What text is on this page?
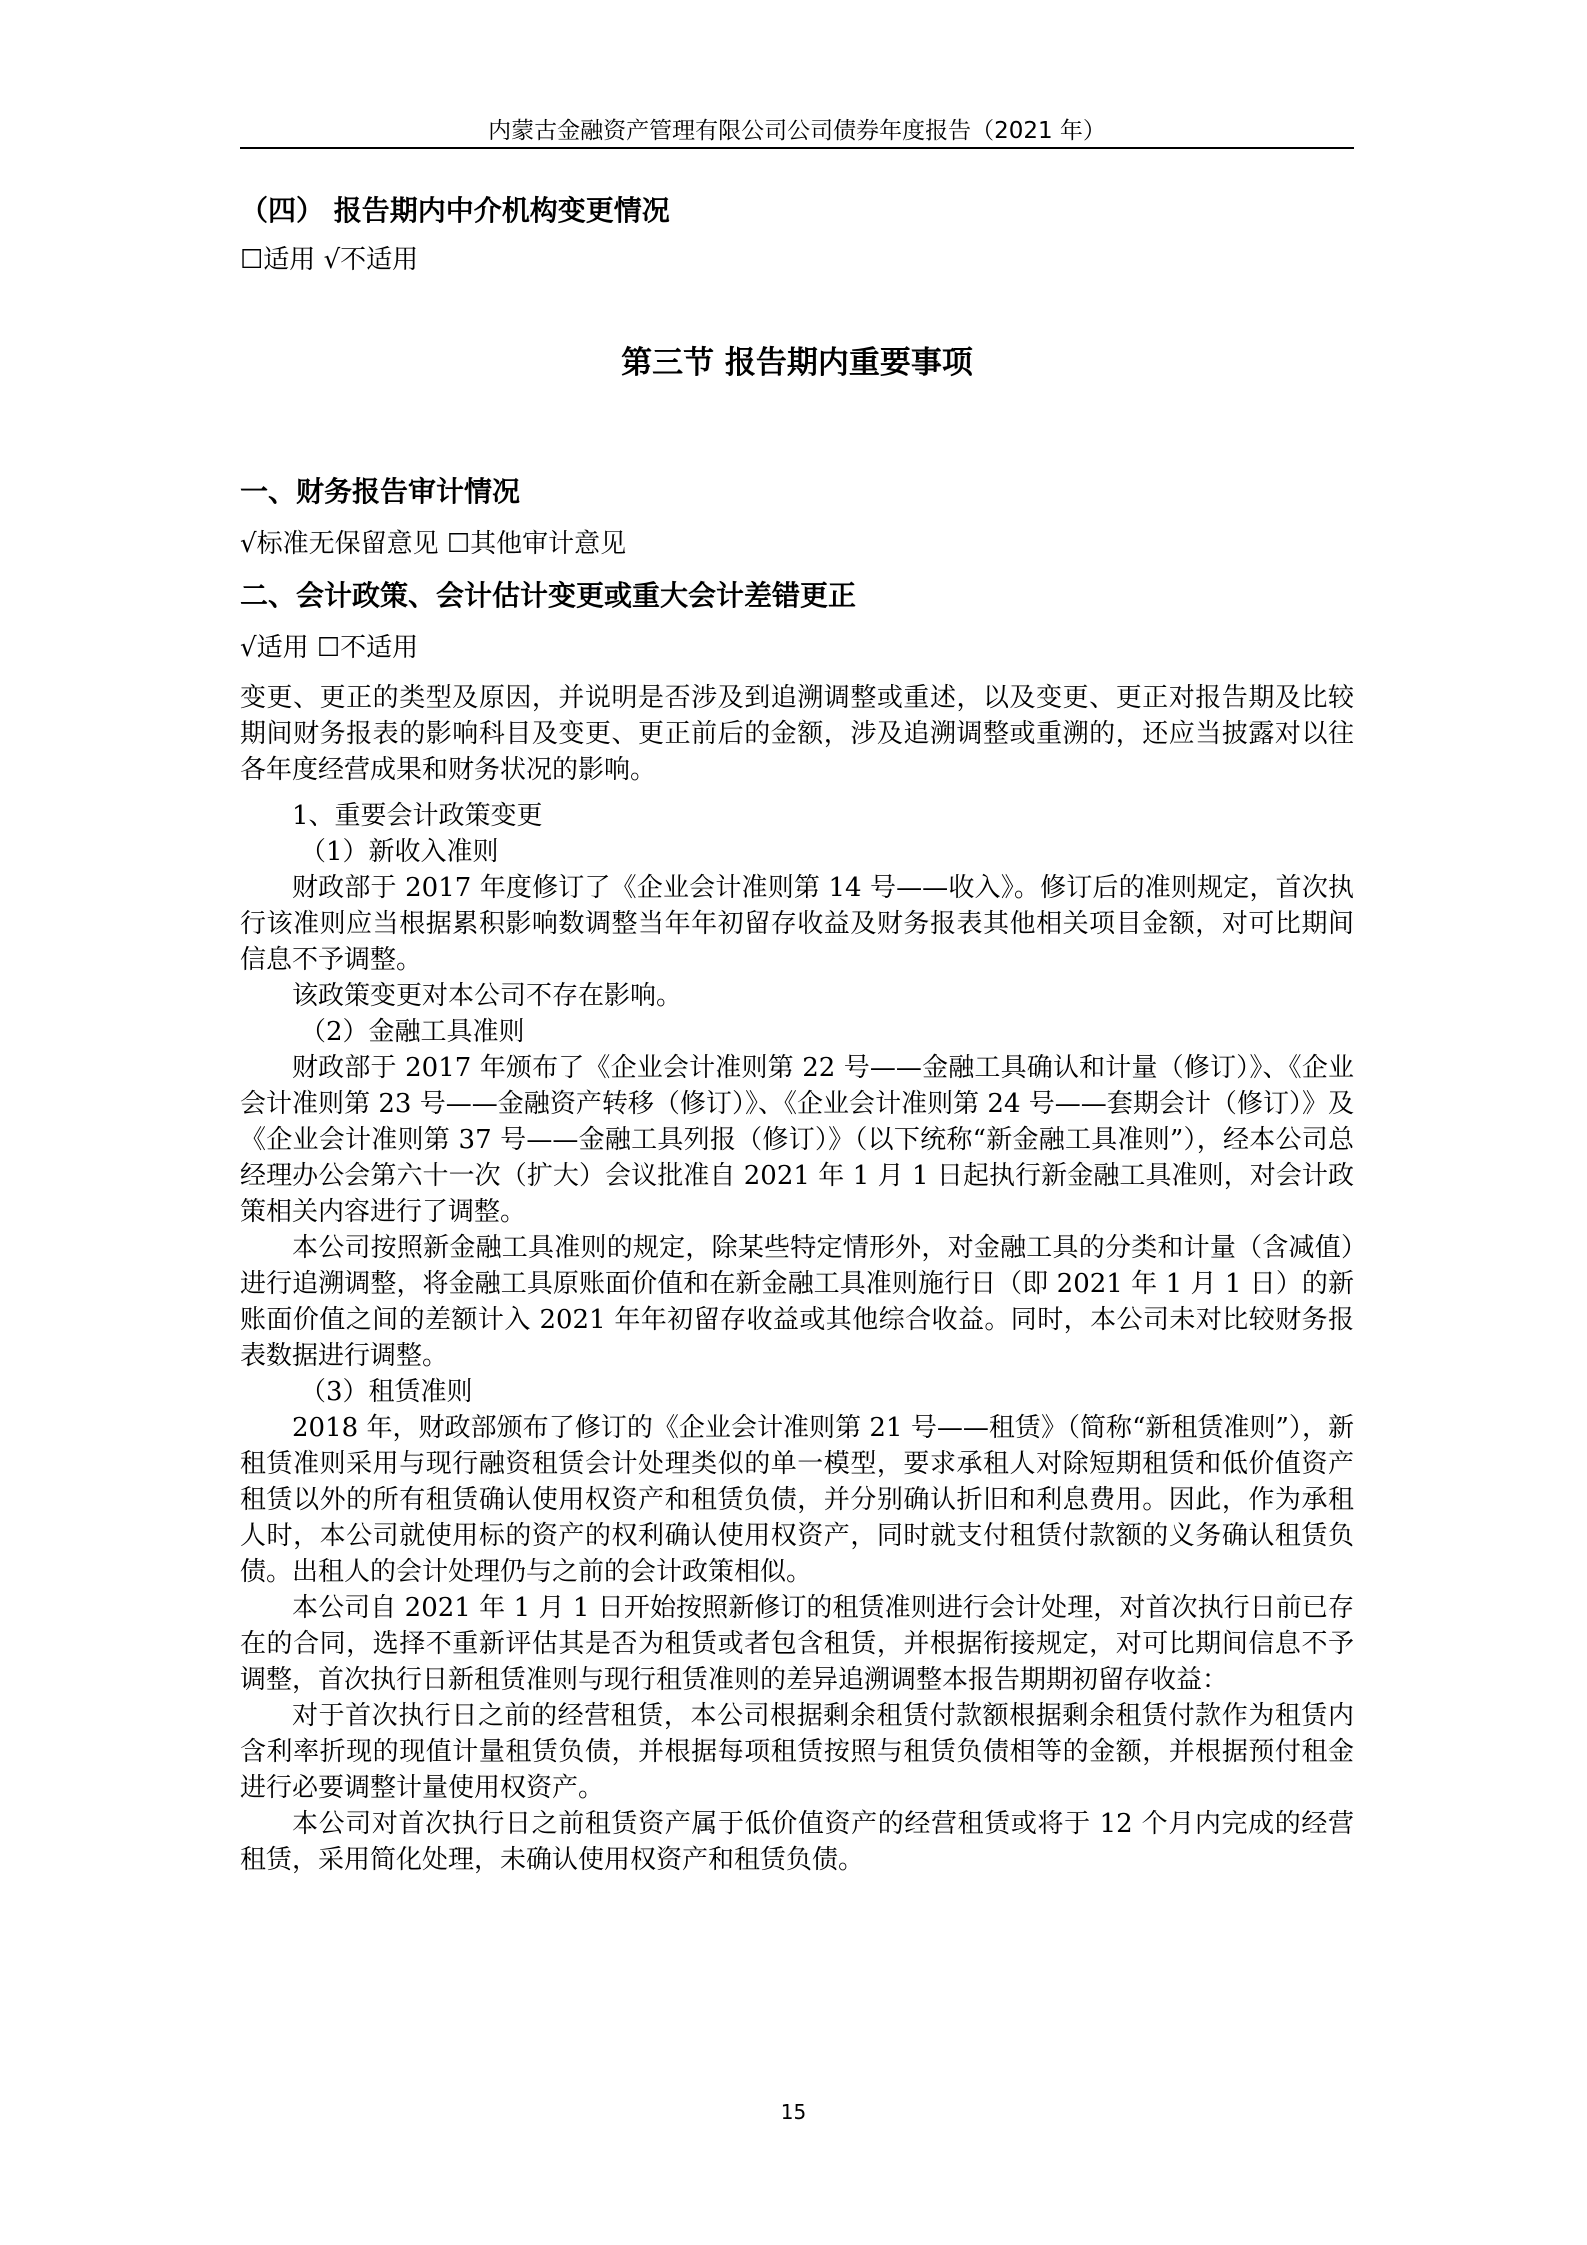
内蒙古金融资产管理有限公司公司债券年度报告（2021 年）

（四） 报告期内中介机构变更情况

☐适用 √不适用

第三节 报告期内重要事项

一、财务报告审计情况

√标准无保留意见 ☐其他审计意见

二、会计政策、会计估计变更或重大会计差错更正

√适用 ☐不适用

变更、更正的类型及原因，并说明是否涉及到追溯调整或重述，以及变更、更正对报告期及比较期间财务报表的影响科目及变更、更正前后的金额，涉及追溯调整或重溯的，还应当披露对以往各年度经营成果和财务状况的影响。

1、重要会计政策变更

（1）新收入准则

财政部于 2017 年度修订了《企业会计准则第 14 号——收入》。修订后的准则规定，首次执行该准则应当根据累积影响数调整当年年初留存收益及财务报表其他相关项目金额，对可比期间信息不予调整。

该政策变更对本公司不存在影响。

（2）金融工具准则

财政部于 2017 年颁布了《企业会计准则第 22 号——金融工具确认和计量（修订）》、《企业会计准则第 23 号——金融资产转移（修订）》、《企业会计准则第 24 号——套期会计（修订）》及《企业会计准则第 37 号——金融工具列报（修订）》（以下统称“新金融工具准则”），经本公司总经理办公会第六十一次（扩大）会议批准自 2021 年 1 月 1 日起执行新金融工具准则，对会计政策相关内容进行了调整。

本公司按照新金融工具准则的规定，除某些特定情形外，对金融工具的分类和计量（含减值）进行追溯调整，将金融工具原账面价值和在新金融工具准则施行日（即 2021 年 1 月 1 日）的新账面价值之间的差额计入 2021 年年初留存收益或其他综合收益。同时，本公司未对比较财务报表数据进行调整。

（3）租赁准则

2018 年，财政部颁布了修订的《企业会计准则第 21 号——租赁》（简称“新租赁准则”），新租赁准则采用与现行融资租赁会计处理类似的单一模型，要求承租人对除短期租赁和低价值资产租赁以外的所有租赁确认使用权资产和租赁负债，并分别确认折旧和利息费用。因此，作为承租人时，本公司就使用标的资产的权利确认使用权资产，同时就支付租赁付款额的义务确认租赁负债。出租人的会计处理仍与之前的会计政策相似。

本公司自 2021 年 1 月 1 日开始按照新修订的租赁准则进行会计处理，对首次执行日前已存在的合同，选择不重新评估其是否为租赁或者包含租赁，并根据衔接规定，对可比期间信息不予调整，首次执行日新租赁准则与现行租赁准则的差异追溯调整本报告期期初留存收益：

对于首次执行日之前的经营租赁，本公司根据剩余租赁付款额根据剩余租赁付款作为租赁内含利率折现的现值计量租赁负债，并根据每项租赁按照与租赁负债相等的金额，并根据预付租金进行必要调整计量使用权资产。

本公司对首次执行日之前租赁资产属于低价值资产的经营租赁或将于 12 个月内完成的经营租赁，采用简化处理，未确认使用权资产和租赁负债。

15
